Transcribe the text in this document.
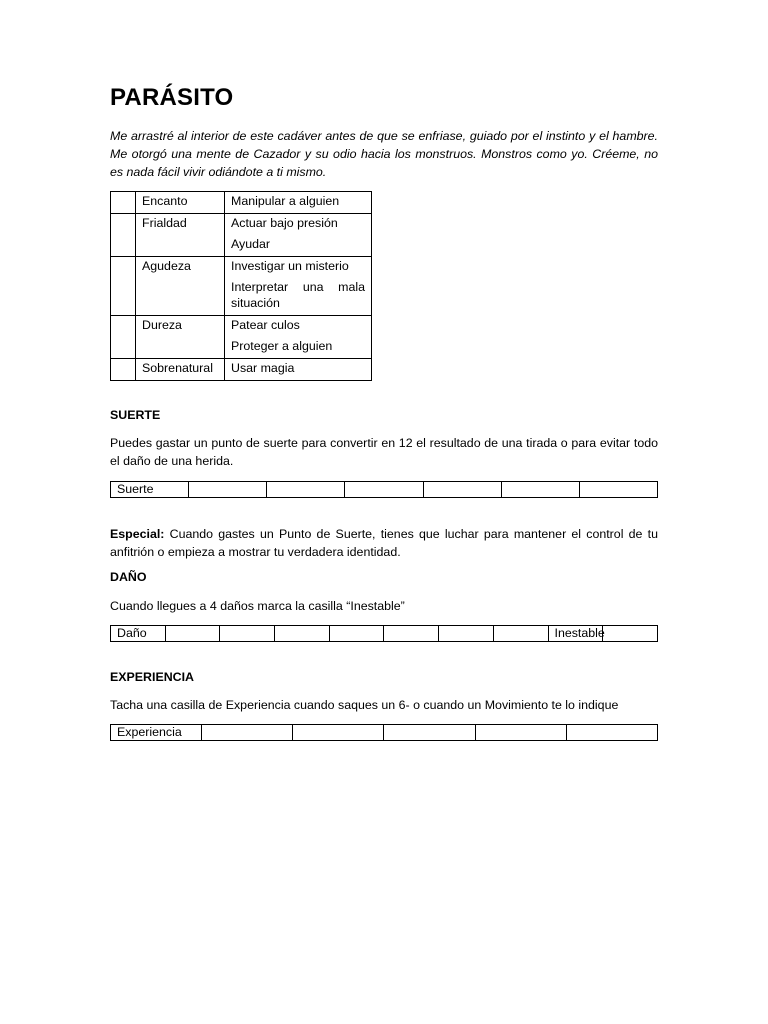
PARÁSITO

Me arrastré al interior de este cadáver antes de que se enfriase, guiado por el instinto y el hambre. Me otorgó una mente de Cazador y su odio hacia los monstruos. Monstros como yo. Créeme, no es nada fácil vivir odiándote a ti mismo.

	Encanto	Manipular a alguien

	Frialdad	Actuar bajo presión
Ayudar

	Agudeza	Investigar un misterio
Interpretar una mala situación

	Dureza	Patear culos
Proteger a alguien

	Sobrenatural	Usar magia
SUERTE

Puedes gastar un punto de suerte para convertir en 12 el resultado de una tirada o para evitar todo el daño de una herida.

Suerte						

Especial: Cuando gastes un Punto de Suerte, tienes que luchar para mantener el control de tu anfitrión o empieza a mostrar tu verdadera identidad.

DAÑO

Cuando llegues a 4 daños marca la casilla “Inestable”

Daño								Inestable	
EXPERIENCIA

Tacha una casilla de Experiencia cuando saques un 6- o cuando un Movimiento te lo indique

Experiencia					
